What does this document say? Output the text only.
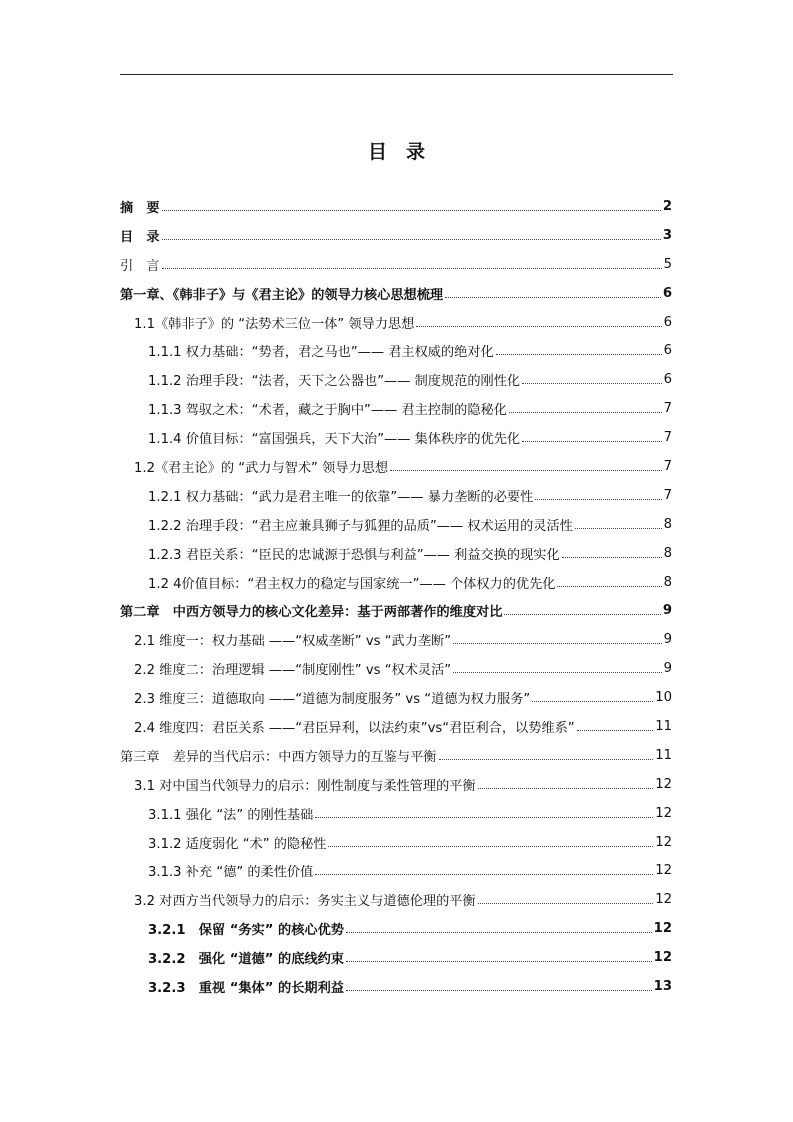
目　录
摘　要	2
目　录	3
引　言	5
第一章、《韩非子》与《君主论》的领导力核心思想梳理	6
1.1《韩非子》的 “法势术三位一体” 领导力思想	6
1.1.1 权力基础：“势者，君之马也”—— 君主权威的绝对化	6
1.1.2 治理手段：“法者，天下之公器也”—— 制度规范的刚性化	6
1.1.3 驾驭之术：“术者，藏之于胸中”—— 君主控制的隐秘化	7
1.1.4 价值目标：“富国强兵，天下大治”—— 集体秩序的优先化	7
1.2《君主论》的 “武力与智术” 领导力思想	7
1.2.1 权力基础：“武力是君主唯一的依靠”—— 暴力垄断的必要性	7
1.2.2 治理手段：“君主应兼具狮子与狐狸的品质”—— 权术运用的灵活性	8
1.2.3 君臣关系：“臣民的忠诚源于恐惧与利益”—— 利益交换的现实化	8
1.2 4价值目标：“君主权力的稳定与国家统一”—— 个体权力的优先化	8
第二章　中西方领导力的核心文化差异：基于两部著作的维度对比	9
2.1 维度一：权力基础 ——“权威垄断” vs “武力垄断”	9
2.2 维度二：治理逻辑 ——“制度刚性” vs “权术灵活”	9
2.3 维度三：道德取向 ——“道德为制度服务” vs “道德为权力服务”	10
2.4 维度四：君臣关系 ——“君臣异利，以法约束”vs“君臣利合，以势维系”	11
第三章　差异的当代启示：中西方领导力的互鉴与平衡	11
3.1 对中国当代领导力的启示：刚性制度与柔性管理的平衡	12
3.1.1 强化 “法” 的刚性基础	12
3.1.2 适度弱化 “术” 的隐秘性	12
3.1.3 补充 “德” 的柔性价值	12
3.2 对西方当代领导力的启示：务实主义与道德伦理的平衡	12
3.2.1　保留 “务实” 的核心优势	12
3.2.2　强化 “道德” 的底线约束	12
3.2.3　重视 “集体” 的长期利益	13
